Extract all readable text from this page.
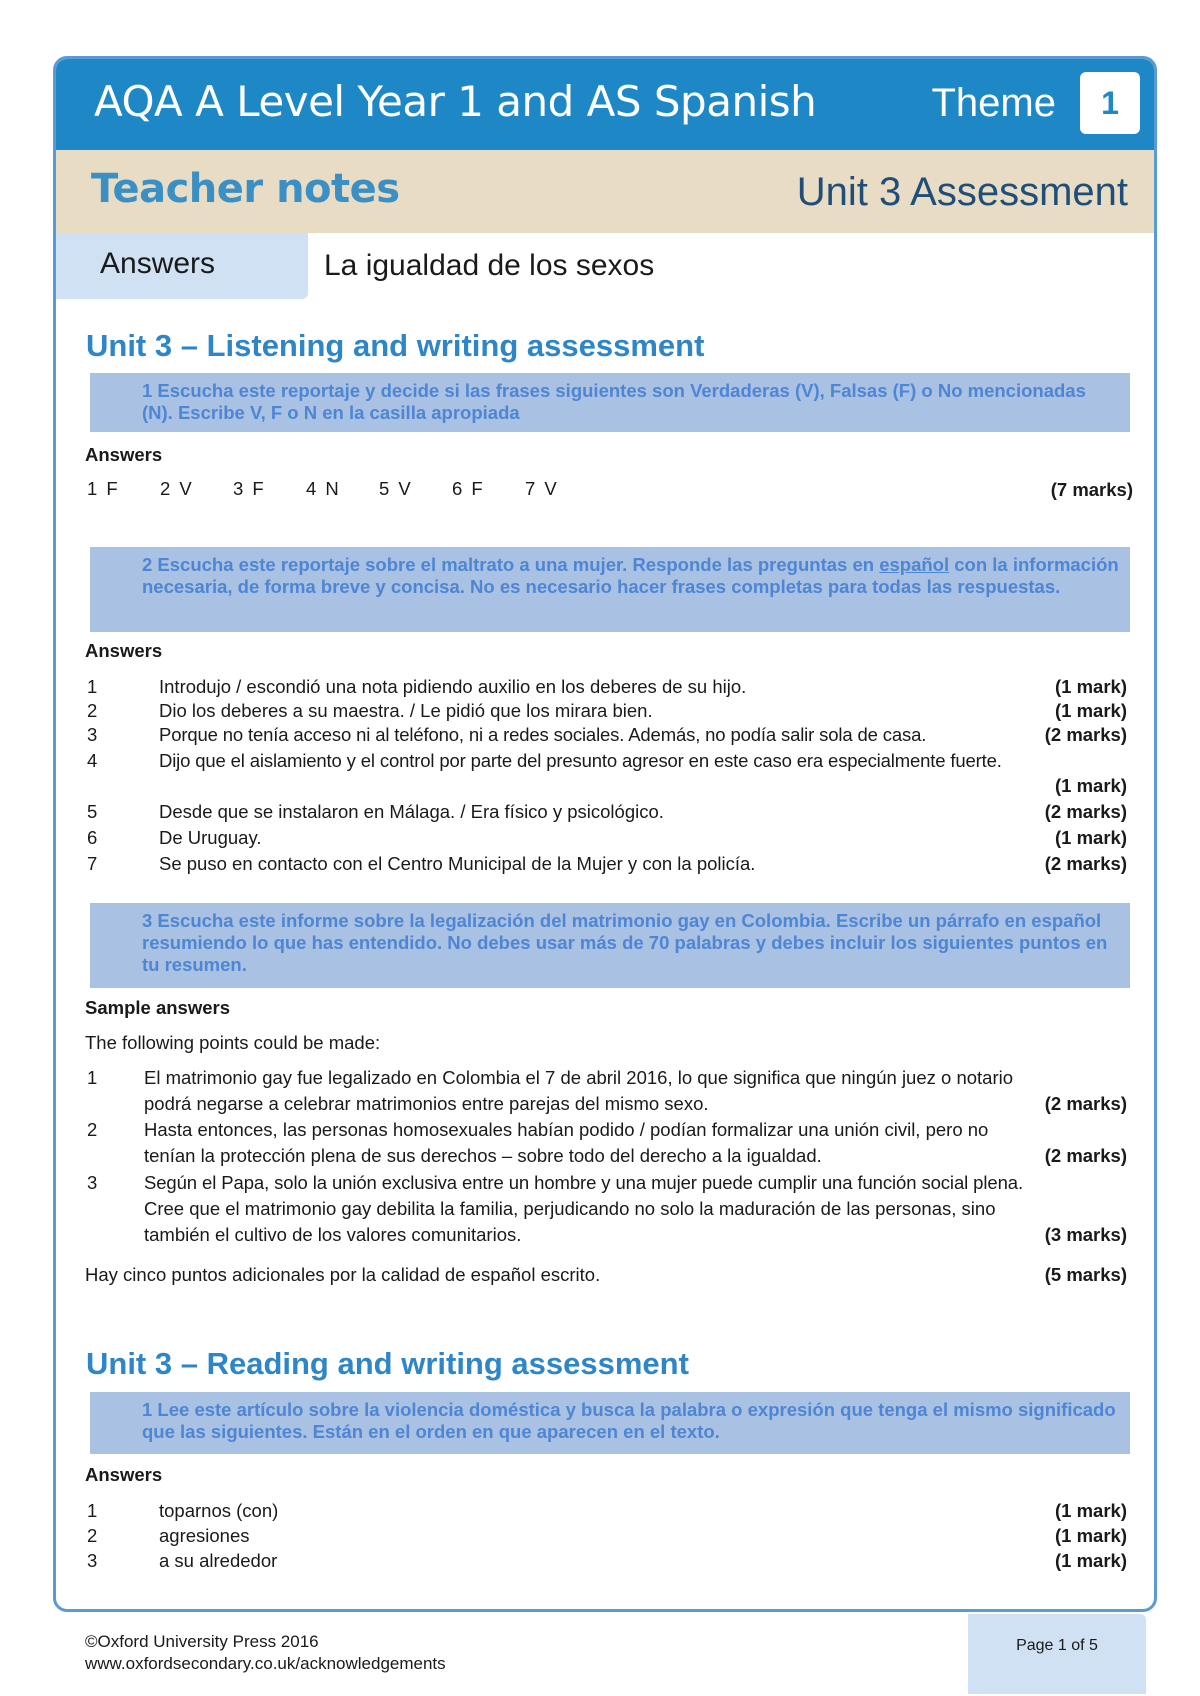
AQA A Level Year 1 and AS Spanish	Theme	1
Teacher notes	Unit 3 Assessment
Answers	La igualdad de los sexos
Unit 3 – Listening and writing assessment
1 Escucha este reportaje y decide si las frases siguientes son Verdaderas (V), Falsas (F) o No mencionadas (N). Escribe V, F o N en la casilla apropiada
Answers
1 F 2 V 3 F 4 N 5 V 6 F 7 V	(7 marks)
2 Escucha este reportaje sobre el maltrato a una mujer. Responde las preguntas en español con la información necesaria, de forma breve y concisa. No es necesario hacer frases completas para todas las respuestas.
Answers
1	Introdujo / escondió una nota pidiendo auxilio en los deberes de su hijo.	(1 mark)
2	Dio los deberes a su maestra. / Le pidió que los mirara bien.	(1 mark)
3	Porque no tenía acceso ni al teléfono, ni a redes sociales. Además, no podía salir sola de casa.	(2 marks)
4	Dijo que el aislamiento y el control por parte del presunto agresor en este caso era especialmente fuerte.
(1 mark)
5	Desde que se instalaron en Málaga. / Era físico y psicológico.	(2 marks)
6	De Uruguay.	(1 mark)
7	Se puso en contacto con el Centro Municipal de la Mujer y con la policía.	(2 marks)
3 Escucha este informe sobre la legalización del matrimonio gay en Colombia. Escribe un párrafo en español resumiendo lo que has entendido. No debes usar más de 70 palabras y debes incluir los siguientes puntos en tu resumen.
Sample answers
The following points could be made:
1	El matrimonio gay fue legalizado en Colombia el 7 de abril 2016, lo que significa que ningún juez o notario
podrá negarse a celebrar matrimonios entre parejas del mismo sexo.	(2 marks)
2	Hasta entonces, las personas homosexuales habían podido / podían formalizar una unión civil, pero no
tenían la protección plena de sus derechos – sobre todo del derecho a la igualdad.	(2 marks)
3	Según el Papa, solo la unión exclusiva entre un hombre y una mujer puede cumplir una función social plena.
Cree que el matrimonio gay debilita la familia, perjudicando no solo la maduración de las personas, sino
también el cultivo de los valores comunitarios.	(3 marks)
Hay cinco puntos adicionales por la calidad de español escrito.	(5 marks)
Unit 3 – Reading and writing assessment
1 Lee este artículo sobre la violencia doméstica y busca la palabra o expresión que tenga el mismo significado que las siguientes. Están en el orden en que aparecen en el texto.
Answers
1	toparnos (con)	(1 mark)
2	agresiones	(1 mark)
3	a su alrededor	(1 mark)
©Oxford University Press 2016
www.oxfordsecondary.co.uk/acknowledgements
Page 1 of 5
